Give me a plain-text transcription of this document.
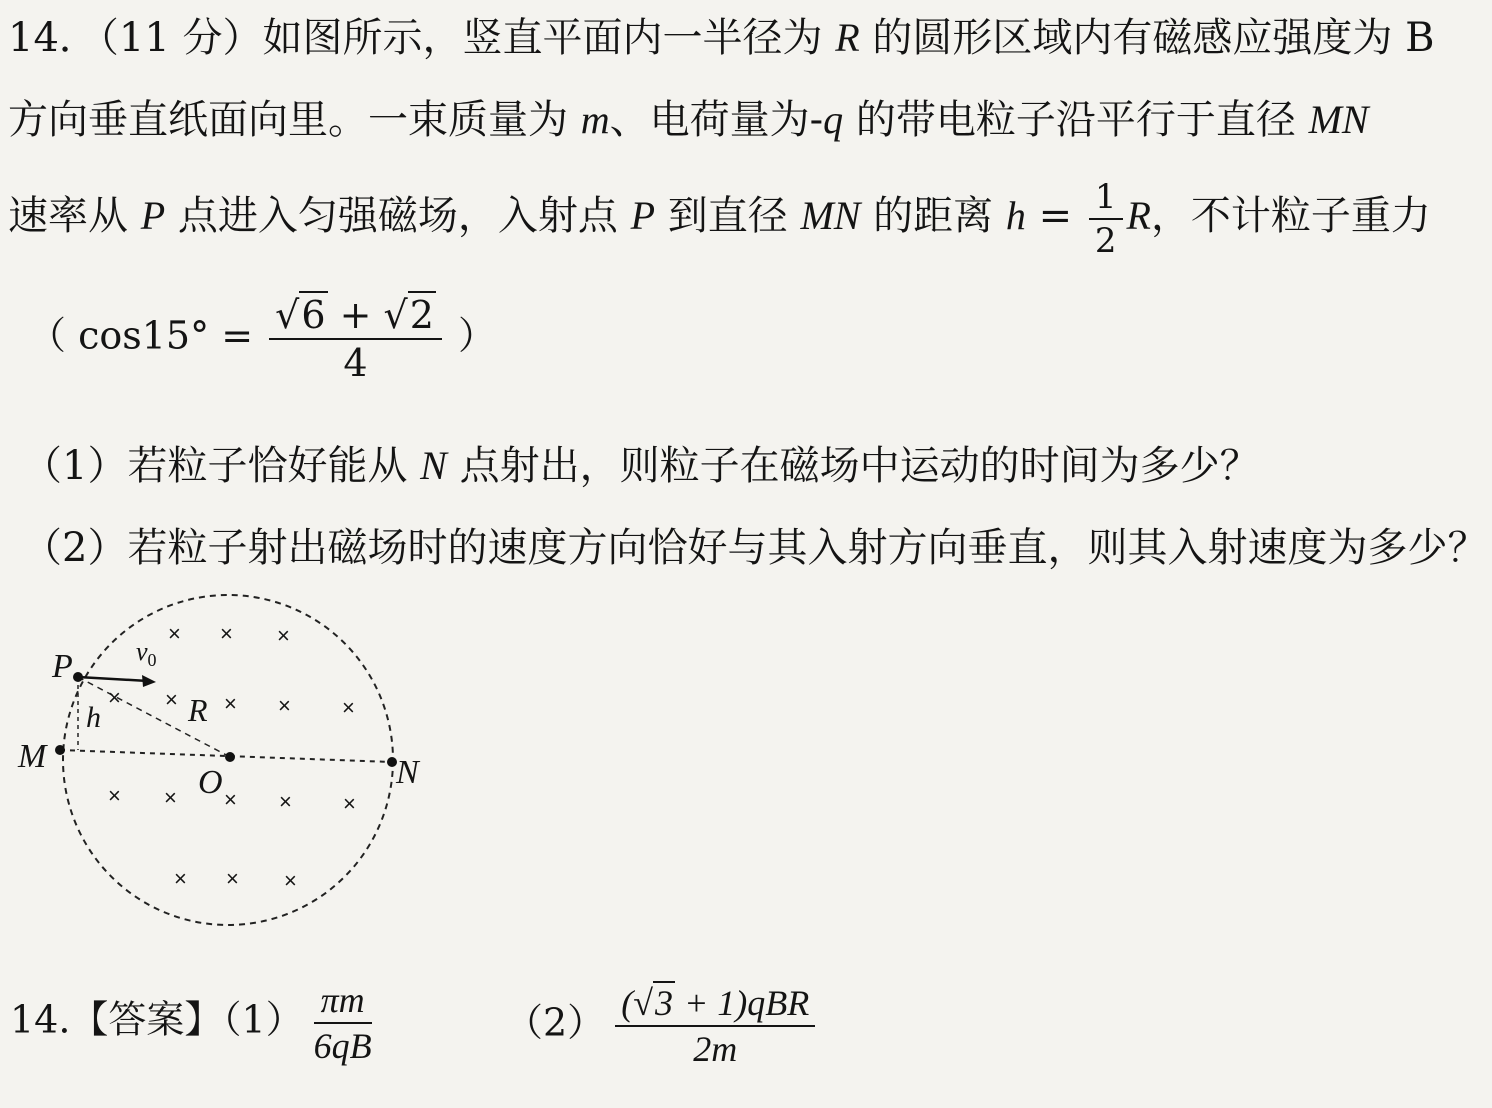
14．（11 分）如图所示，竖直平面内一半径为 R 的圆形区域内有磁感应强度为 B
方向垂直纸面向里。一束质量为 m、电荷量为-q 的带电粒子沿平行于直径 MN
速率从 P 点进入匀强磁场，入射点 P 到直径 MN 的距离 $h = \frac{1}{2}$ R，不计粒子重力
（ $\cos 15^\circ = \frac{√6 + √2}{4}$ ）
（1）若粒子恰好能从 N 点射出，则粒子在磁场中运动的时间为多少？
（2）若粒子射出磁场时的速度方向恰好与其入射方向垂直，则其入射速度为多少？
P $v_0$
h	R
M
O	N
× × ×
× × × × ×
× × × × ×
× × ×
14.【答案】$(1) \frac{\pi m}{6qB}$	$(2) \frac{\text{(√3 + 1)qBR}}{2m}$
